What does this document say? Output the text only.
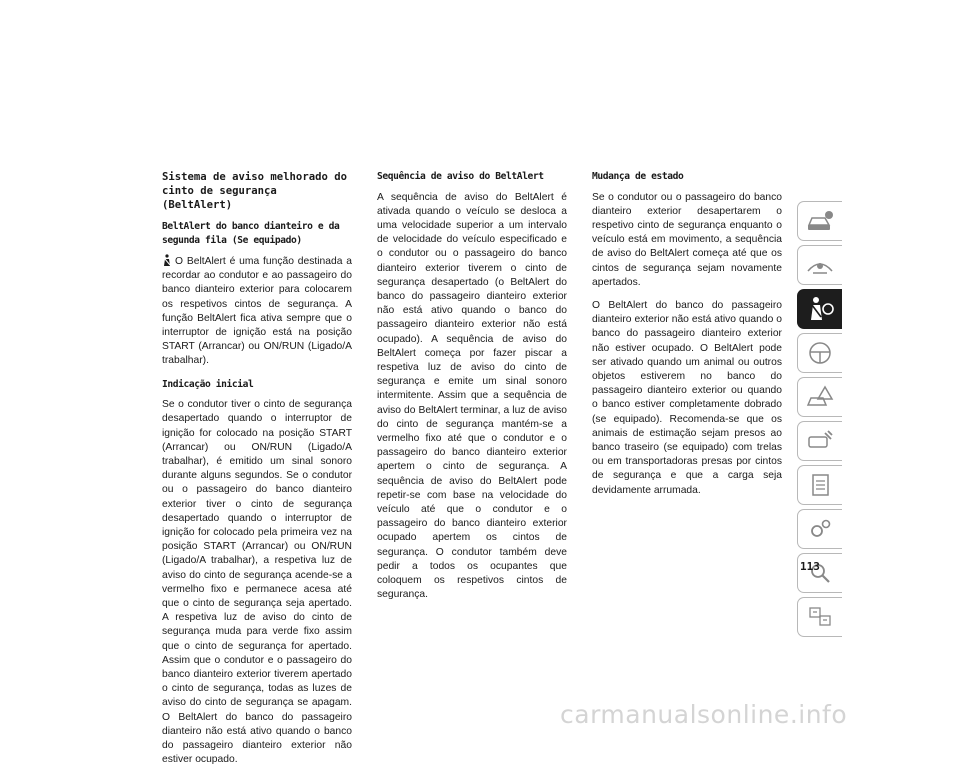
Sistema de aviso melhorado do cinto de segurança (BeltAlert)
BeltAlert do banco dianteiro e da segunda fila (Se equipado)

O BeltAlert é uma função destinada a recordar ao condutor e ao passageiro do banco dianteiro exterior para colocarem os respetivos cintos de segurança. A função BeltAlert fica ativa sempre que o interruptor de ignição está na posição START (Arrancar) ou ON/RUN (Ligado/A trabalhar).

Indicação inicial

Se o condutor tiver o cinto de segurança desapertado quando o interruptor de ignição for colocado na posição START (Arrancar) ou ON/RUN (Ligado/A trabalhar), é emitido um sinal sonoro durante alguns segundos. Se o condutor ou o passageiro do banco dianteiro exterior tiver o cinto de segurança desapertado quando o interruptor de ignição for colocado pela primeira vez na posição START (Arrancar) ou ON/RUN (Ligado/A trabalhar), a respetiva luz de aviso do cinto de segurança acende-se a vermelho fixo e permanece acesa até que o cinto de segurança seja apertado. A respetiva luz de aviso do cinto de segurança muda para verde fixo assim que o cinto de segurança for apertado. Assim que o condutor e o passageiro do banco dianteiro exterior tiverem apertado o cinto de segurança, todas as luzes de aviso do cinto de segurança se apagam. O BeltAlert do banco do passageiro dianteiro não está ativo quando o banco do passageiro dianteiro exterior não estiver ocupado.

Sequência de aviso do BeltAlert

A sequência de aviso do BeltAlert é ativada quando o veículo se desloca a uma velocidade superior a um intervalo de velocidade do veículo especificado e o condutor ou o passageiro do banco dianteiro exterior tiverem o cinto de segurança desapertado (o BeltAlert do banco do passageiro dianteiro exterior não está ativo quando o banco do passageiro dianteiro exterior não está ocupado). A sequência de aviso do BeltAlert começa por fazer piscar a respetiva luz de aviso do cinto de segurança e emite um sinal sonoro intermitente. Assim que a sequência de aviso do BeltAlert terminar, a luz de aviso do cinto de segurança mantém-se a vermelho fixo até que o condutor e o passageiro do banco dianteiro exterior apertem o cinto de segurança. A sequência de aviso do BeltAlert pode repetir-se com base na velocidade do veículo até que o condutor e o passageiro do banco dianteiro exterior ocupado apertem os cintos de segurança. O condutor também deve pedir a todos os ocupantes que coloquem os respetivos cintos de segurança.

Mudança de estado

Se o condutor ou o passageiro do banco dianteiro exterior desapertarem o respetivo cinto de segurança enquanto o veículo está em movimento, a sequência de aviso do BeltAlert começa até que os cintos de segurança sejam novamente apertados.

O BeltAlert do banco do passageiro dianteiro exterior não está ativo quando o banco do passageiro dianteiro exterior não estiver ocupado. O BeltAlert pode ser ativado quando um animal ou outros objetos estiverem no banco do passageiro dianteiro exterior ou quando o banco estiver completamente dobrado (se equipado). Recomenda-se que os animais de estimação sejam presos ao banco traseiro (se equipado) com trelas ou em transportadoras presas por cintos de segurança e que a carga seja devidamente arrumada.

113
carmanualsonline.info
